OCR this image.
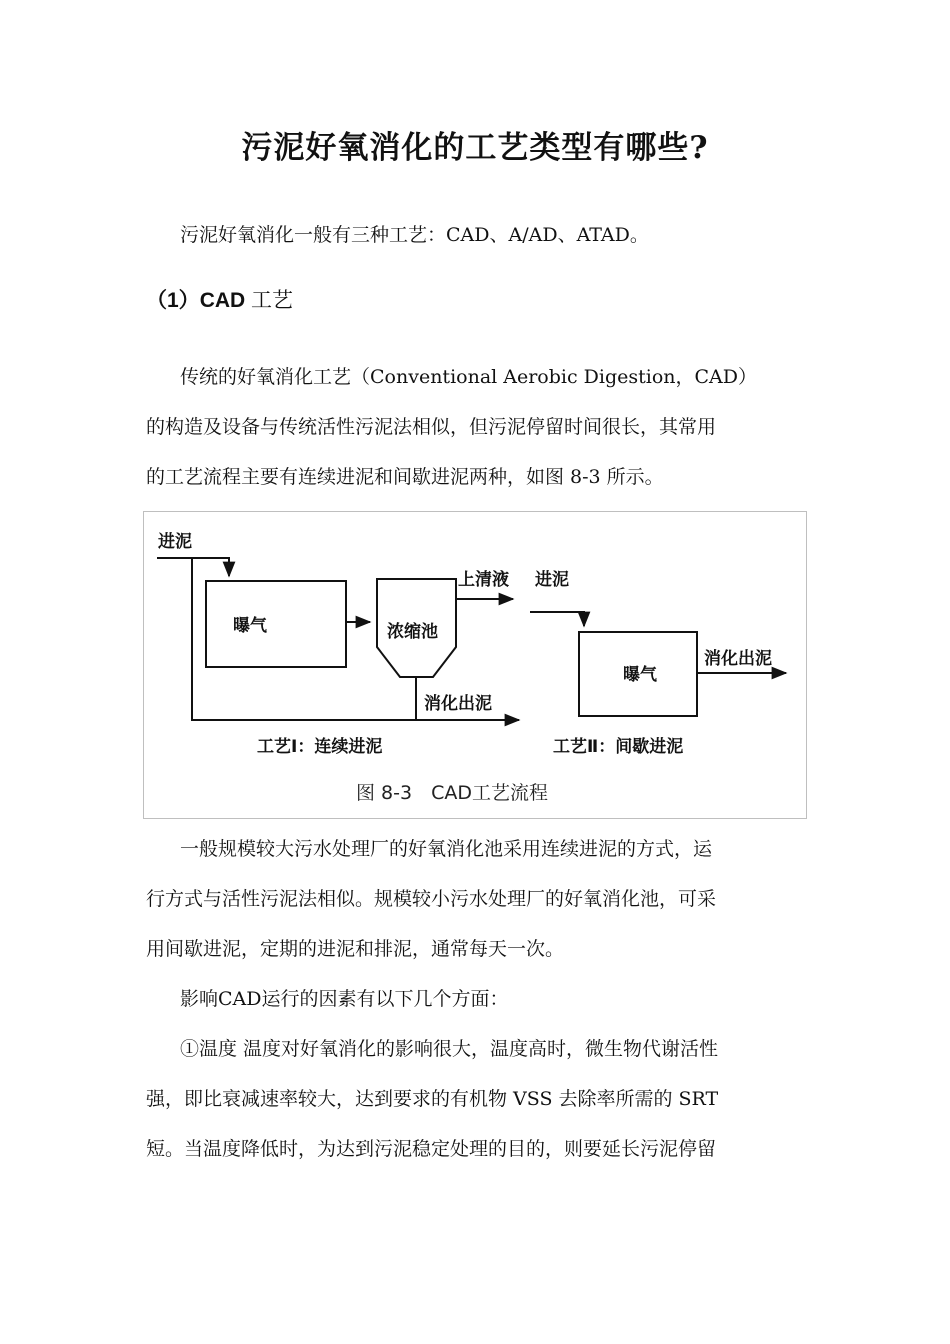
污泥好氧消化的工艺类型有哪些?

污泥好氧消化一般有三种工艺：CAD、A/AD、ATAD。

（1）CAD 工艺
传统的好氧消化工艺（Conventional Aerobic Digestion，CAD）
的构造及设备与传统活性污泥法相似，但污泥停留时间很长，其常用
的工艺流程主要有连续进泥和间歇进泥两种，如图 8-3 所示。
进泥
曝气	浓缩池
上清液
消化出泥
工艺Ⅰ：连续进泥
进泥
曝气
消化出泥
工艺Ⅱ：间歇进泥
图 8-3　CAD工艺流程
一般规模较大污水处理厂的好氧消化池采用连续进泥的方式，运
行方式与活性污泥法相似。规模较小污水处理厂的好氧消化池，可采
用间歇进泥，定期的进泥和排泥，通常每天一次。

影响CAD运行的因素有以下几个方面：

①温度 温度对好氧消化的影响很大，温度高时，微生物代谢活性
强，即比衰减速率较大，达到要求的有机物 VSS 去除率所需的 SRT
短。当温度降低时，为达到污泥稳定处理的目的，则要延长污泥停留
